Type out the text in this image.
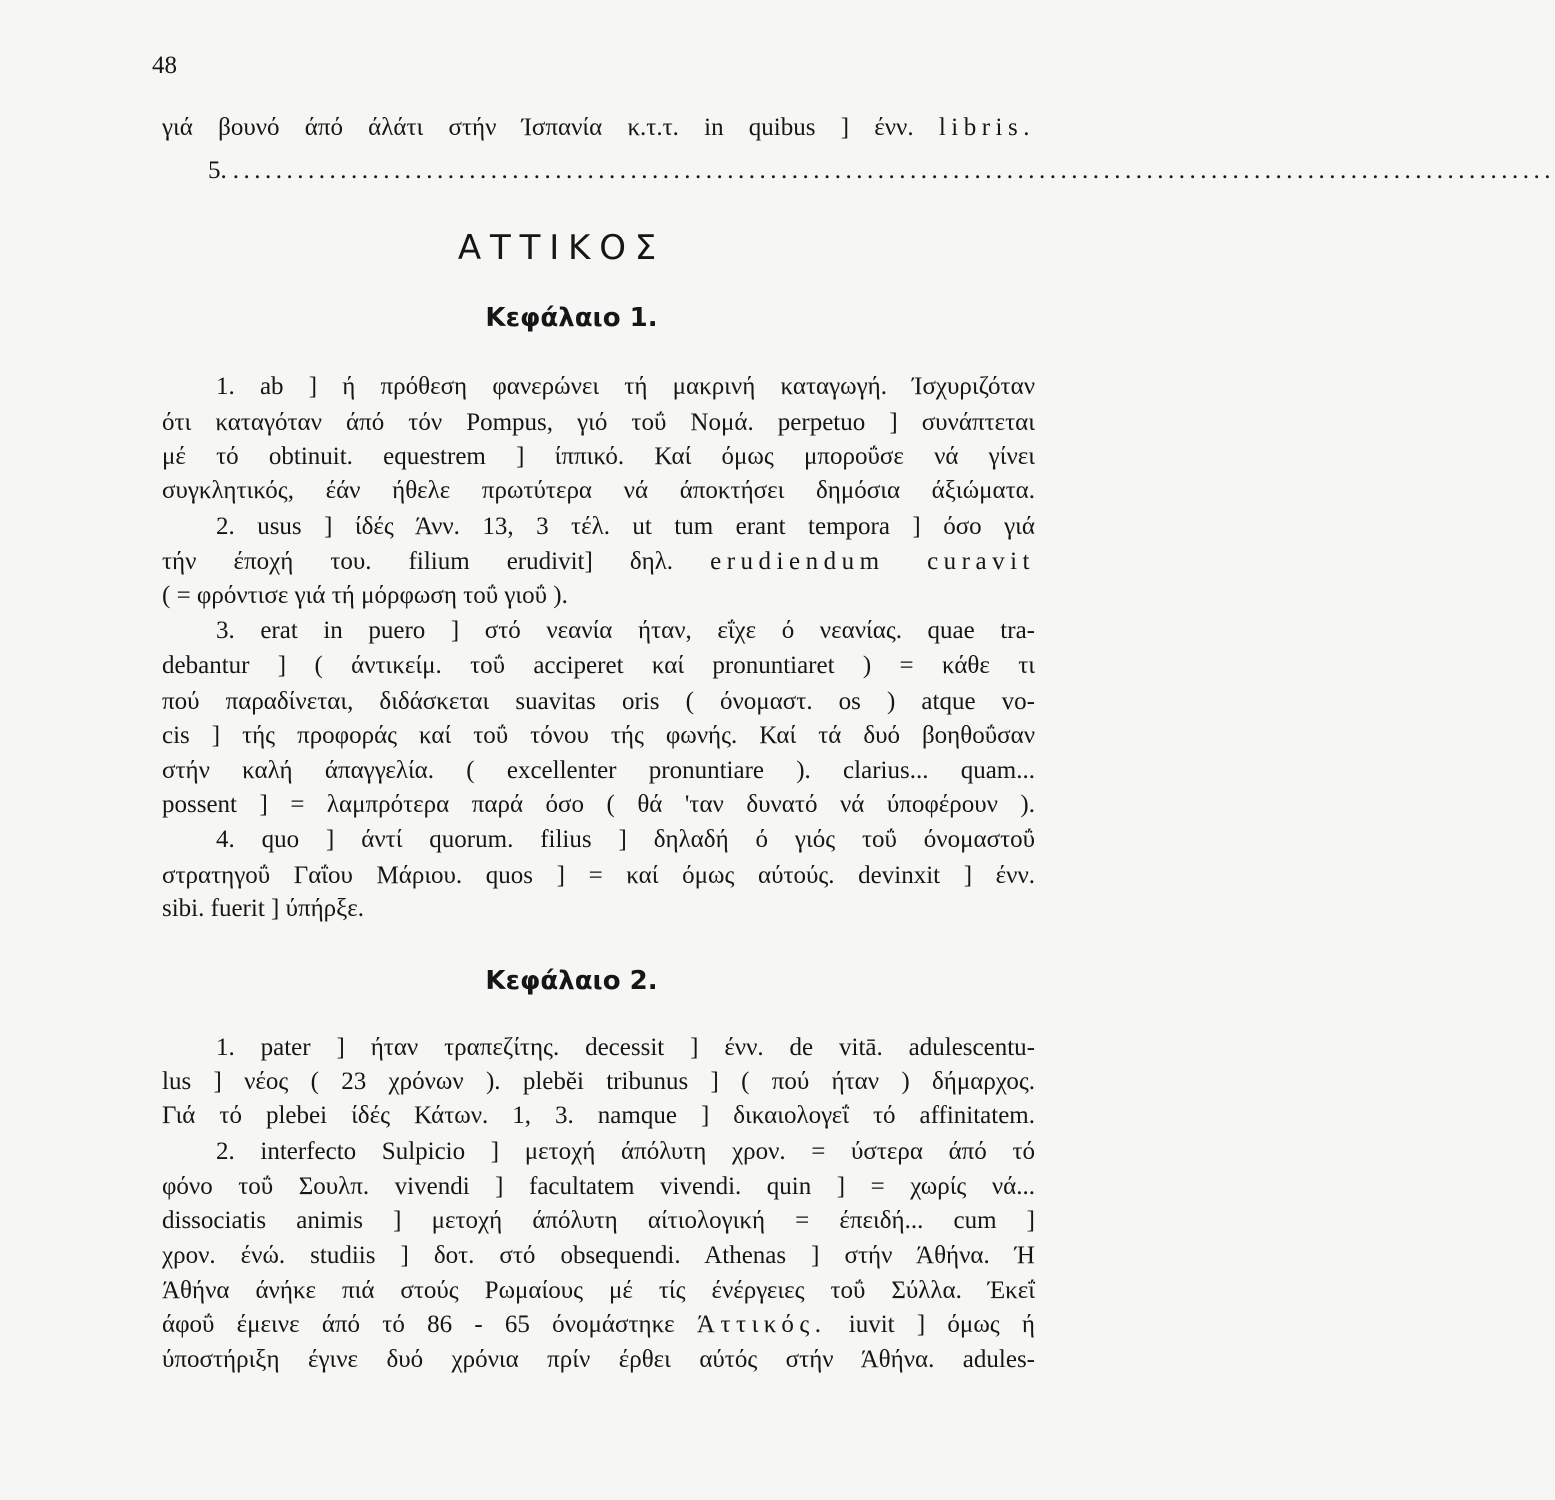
48
γιά βουνό άπό άλάτι στήν Ίσπανία κ.τ.τ. in quibus ] ένν. libris.
5. ...........................................................................................................................
ΑΤΤΙΚΟΣ
Κεφάλαιο 1.
1. ab ] ή πρόθεση φανερώνει τή μακρινή καταγωγή. Ίσχυριζόταν
ότι καταγόταν άπό τόν Pompus, γιό τοΰ Νομά. perpetuo ] συνάπτεται
μέ τό obtinuit. equestrem ] ίππικό. Καί όμως μποροΰσε νά γίνει
συγκλητικός, έάν ήθελε πρωτύτερα νά άποκτήσει δημόσια άξιώματα.
2. usus ] ίδές Άνν. 13, 3 τέλ. ut tum erant tempora ] όσο γιά
τήν έποχή του. filium erudivit] δηλ. erudiendum curavit
( = φρόντισε γιά τή μόρφωση τοΰ γιοΰ ).
3. erat in puero ] στό νεανία ήταν, εΐχε ό νεανίας. quae tra-
debantur ] ( άντικείμ. τοΰ acciperet καί pronuntiaret ) = κάθε τι
πού παραδίνεται, διδάσκεται suavitas oris ( όνομαστ. os ) atque vo-
cis ] τής προφοράς καί τοΰ τόνου τής φωνής. Καί τά δυό βοηθοΰσαν
στήν καλή άπαγγελία. ( excellenter pronuntiare ). clarius... quam...
possent ] = λαμπρότερα παρά όσο ( θά 'ταν δυνατό νά ύποφέρουν ).
4. quo ] άντί quorum. filius ] δηλαδή ό γιός τοΰ όνομαστοΰ
στρατηγοΰ Γαΐου Μάριου. quos ] = καί όμως αύτούς. devinxit ] ένν.
sibi. fuerit ] ύπήρξε.
Κεφάλαιο 2.
1. pater ] ήταν τραπεζίτης. decessit ] ένν. de vitā. adulescentu-
lus ] νέος ( 23 χρόνων ). plebĕi tribunus ] ( πού ήταν ) δήμαρχος.
Γιά τό plebei ίδές Κάτων. 1, 3. namque ] δικαιολογεΐ τό affinitatem.
2. interfecto Sulpicio ] μετοχή άπόλυτη χρον. = ύστερα άπό τό
φόνο τοΰ Σουλπ. vivendi ] facultatem vivendi. quin ] = χωρίς νά...
dissociatis animis ] μετοχή άπόλυτη αίτιολογική = έπειδή... cum ]
χρον. ένώ. studiis ] δοτ. στό obsequendi. Athenas ] στήν Άθήνα. Ή
Άθήνα άνήκε πιά στούς Ρωμαίους μέ τίς ένέργειες τοΰ Σύλλα. Έκεΐ
άφοΰ έμεινε άπό τό 86 - 65 όνομάστηκε Άττικός. iuvit ] όμως ή
ύποστήριξη έγινε δυό χρόνια πρίν έρθει αύτός στήν Άθήνα. adules-
